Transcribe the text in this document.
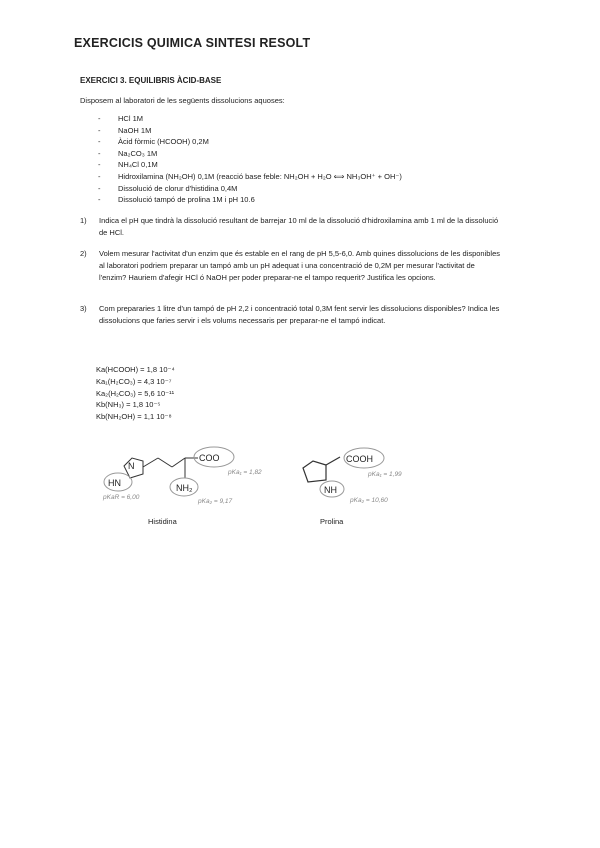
EXERCICIS QUIMICA SINTESI RESOLT
EXERCICI 3. EQUILIBRIS ÀCID-BASE
Disposem al laboratori de les següents dissolucions aquoses:
-	HCl 1M
-	NaOH 1M
-	Àcid fòrmic (HCOOH) 0,2M
-	Na₂CO₃ 1M
-	NH₄Cl 0,1M
-	Hidroxilamina (NH₂OH) 0,1M (reacció base feble: NH₂OH + H₂O ⟺ NH₃OH⁺ + OH⁻)
-	Dissolució de clorur d'histidina 0,4M
-	Dissolució tampó de prolina 1M i pH 10.6
1)	Indica el pH que tindrà la dissolució resultant de barrejar 10 ml de la dissolució d'hidroxilamina amb 1 ml de la dissolució de HCl.
2)	Volem mesurar l'activitat d'un enzim que és estable en el rang de pH 5,5-6,0. Amb quines dissolucions de les disponibles al laboratori podriem preparar un tampó amb un pH adequat i una concentració de 0,2M per mesurar l'activitat de l'enzim? Hauriem d'afegir HCl ó NaOH per poder preparar-ne el tampo requerit? Justifica les opcions.
3)	Com prepararies 1 litre d'un tampó de pH 2,2 i concentració total 0,3M fent servir les dissolucions disponibles? Indica les dissolucions que faries servir i els volums necessaris per preparar-ne el tampó indicat.
Ka(HCOOH) = 1,8 10⁻⁴
Ka₁(H₂CO₃) = 4,3 10⁻⁷
Ka₂(H₂CO₃) = 5,6 10⁻¹¹
Kb(NH₃) = 1,8 10⁻⁵
Kb(NH₂OH) = 1,1 10⁻⁸
N
HN
COO
NH₂
pKa₁ = 1,82
pKaR = 6,00
pKa₂ = 9,17
Histidina
COOH
NH
pKa₁ = 1,99
pKa₂ = 10,60
Prolina
